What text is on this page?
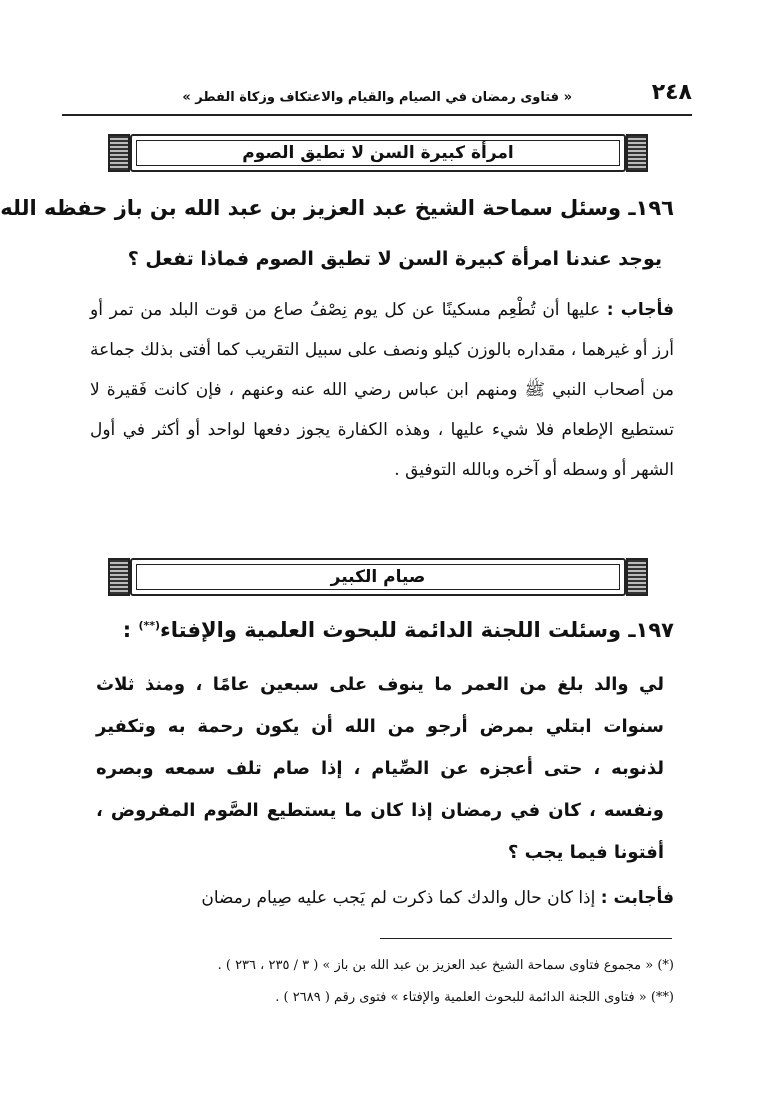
٢٤٨
« فتاوى رمضان في الصيام والقيام والاعتكاف وزكاة الفطر »
امرأة كبيرة السن لا تطيق الصوم
١٩٦ـ وسئل سماحة الشيخ عبد العزيز بن عبد الله بن باز حفظه الله
يوجد عندنا امرأة كبيرة السن لا تطيق الصوم فماذا تفعل ؟
فأجاب : عليها أن تُطْعِم مسكينًا عن كل يوم نِصْفُ صاع من قوت البلد من تمر أو أرز أو غيرهما ، مقداره بالوزن كيلو ونصف على سبيل التقريب كما أفتى بذلك جماعة من أصحاب النبي ﷺ ومنهم ابن عباس رضي الله عنه وعنهم ، فإن كانت فَقيرة لا تستطيع الإطعام فلا شيء عليها ، وهذه الكفارة يجوز دفعها لواحد أو أكثر في أول الشهر أو وسطه أو آخره وبالله التوفيق .
صيام الكبير
١٩٧ـ وسئلت اللجنة الدائمة للبحوث العلمية والإفتاء(**) :
لي والد بلغ من العمر ما ينوف على سبعين عامًا ، ومنذ ثلاث سنوات ابتلي بمرض أرجو من الله أن يكون رحمة به وتكفير لذنوبه ، حتى أعجزه عن الصِّيام ، إذا صام تلف سمعه وبصره ونفسه ، كان في رمضان إذا كان ما يستطيع الصَّوم المفروض ، أفتونا فيما يجب ؟
فأجابت : إذا كان حال والدك كما ذكرت لم يَجب عليه صِيام رمضان
(*) « مجموع فتاوى سماحة الشيخ عبد العزيز بن عبد الله بن باز » ( ٣ / ٢٣٥ ، ٢٣٦ ) .
(**) « فتاوى اللجنة الدائمة للبحوث العلمية والإفتاء » فتوى رقم ( ٢٦٨٩ ) .
